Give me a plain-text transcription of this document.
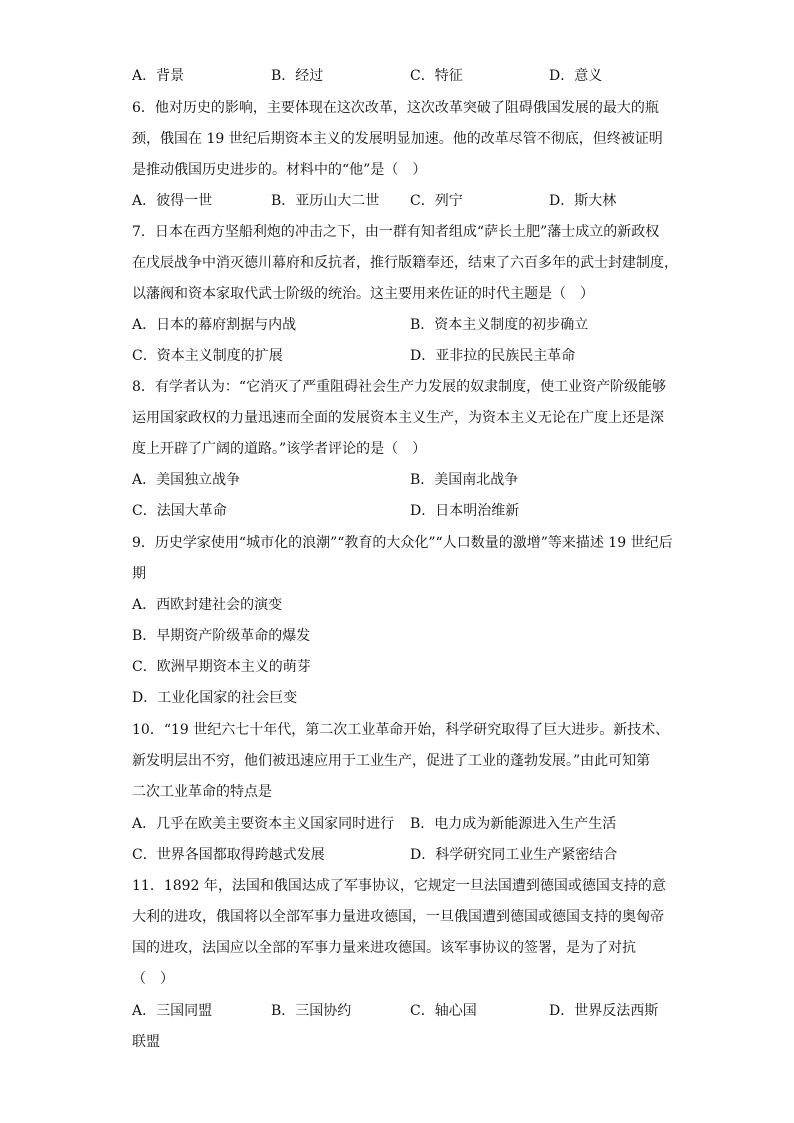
A．背景	B．经过	C．特征	D．意义
6．他对历史的影响，主要体现在这次改革，这次改革突破了阻碍俄国发展的最大的瓶
颈，俄国在 19 世纪后期资本主义的发展明显加速。他的改革尽管不彻底，但终被证明
是推动俄国历史进步的。材料中的“他”是（　）
A．彼得一世	B．亚历山大二世 C．列宁	D．斯大林
7．日本在西方坚船利炮的冲击之下，由一群有知者组成“萨长土肥”藩士成立的新政权
在戊辰战争中消灭德川幕府和反抗者，推行版籍奉还，结束了六百多年的武士封建制度，
以藩阀和资本家取代武士阶级的统治。这主要用来佐证的时代主题是（　）
A．日本的幕府割据与内战	B．资本主义制度的初步确立
C．资本主义制度的扩展	D．亚非拉的民族民主革命
8．有学者认为：“它消灭了严重阻碍社会生产力发展的奴隶制度，使工业资产阶级能够
运用国家政权的力量迅速而全面的发展资本主义生产，为资本主义无论在广度上还是深
度上开辟了广阔的道路。”该学者评论的是（　）
A．美国独立战争	B．美国南北战争
C．法国大革命	D．日本明治维新
9．历史学家使用“城市化的浪潮”“教育的大众化”“人口数量的激增”等来描述 19 世纪后
期
A．西欧封建社会的演变
B．早期资产阶级革命的爆发
C．欧洲早期资本主义的萌芽
D．工业化国家的社会巨变
10．“19 世纪六七十年代，第二次工业革命开始，科学研究取得了巨大进步。新技术、
新发明层出不穷，他们被迅速应用于工业生产，促进了工业的蓬勃发展。”由此可知第
二次工业革命的特点是
A．几乎在欧美主要资本主义国家同时进行 B．电力成为新能源进入生产生活
C．世界各国都取得跨越式发展	D．科学研究同工业生产紧密结合
11．1892 年，法国和俄国达成了军事协议，它规定一旦法国遭到德国或德国支持的意
大利的进攻，俄国将以全部军事力量进攻德国，一旦俄国遭到德国或德国支持的奥匈帝
国的进攻，法国应以全部的军事力量来进攻德国。该军事协议的签署，是为了对抗
（　）
A．三国同盟	B．三国协约	C．轴心国	D．世界反法西斯
联盟
